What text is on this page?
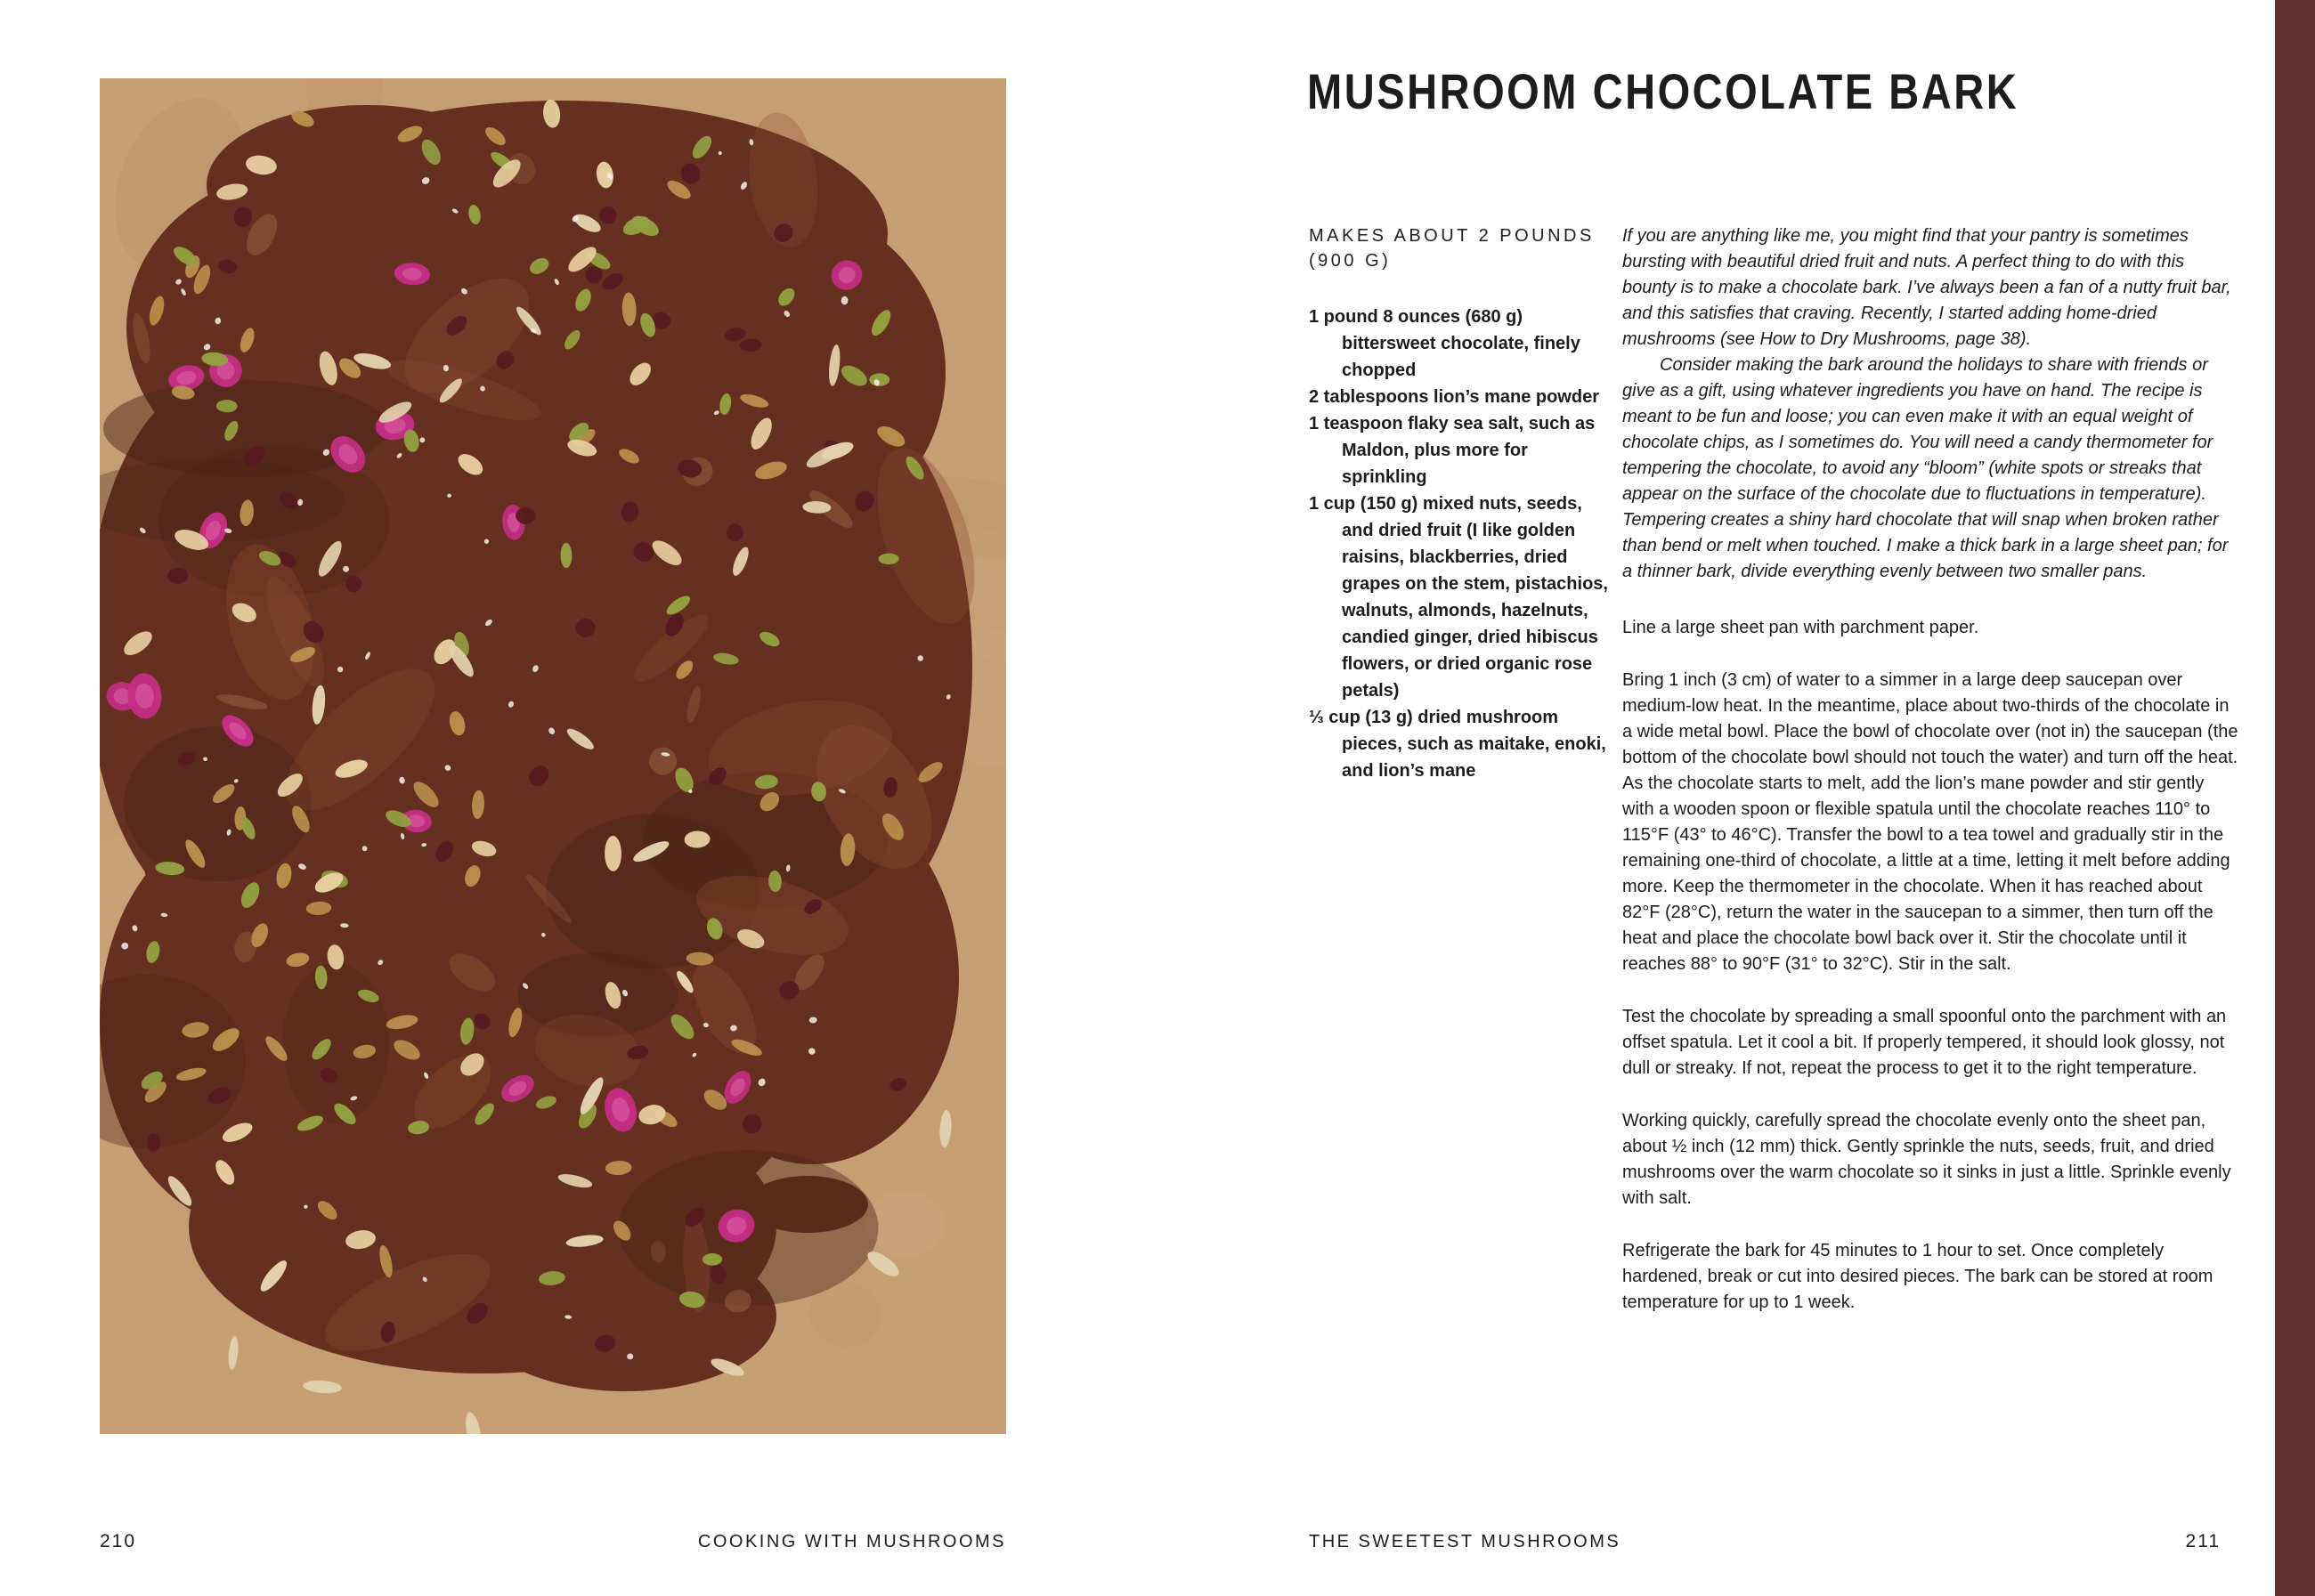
210	COOKING WITH MUSHROOMS
MUSHROOM CHOCOLATE BARK

MAKES ABOUT 2 POUNDS
(900 G)

1 pound 8 ounces (680 g) bittersweet chocolate, finely chopped

2 tablespoons lion’s mane powder

1 teaspoon flaky sea salt, such as Maldon, plus more for sprinkling

1 cup (150 g) mixed nuts, seeds, and dried fruit (I like golden raisins, blackberries, dried grapes on the stem, pistachios, walnuts, almonds, hazelnuts, candied ginger, dried hibiscus flowers, or dried organic rose petals)

⅓ cup (13 g) dried mushroom pieces, such as maitake, enoki, and lion’s mane

If you are anything like me, you might find that your pantry is sometimes bursting with beautiful dried fruit and nuts. A perfect thing to do with this bounty is to make a chocolate bark. I’ve always been a fan of a nutty fruit bar, and this satisfies that craving. Recently, I started adding home-dried mushrooms (see How to Dry Mushrooms, page 38).

Consider making the bark around the holidays to share with friends or give as a gift, using whatever ingredients you have on hand. The recipe is meant to be fun and loose; you can even make it with an equal weight of chocolate chips, as I sometimes do. You will need a candy thermometer for tempering the chocolate, to avoid any “bloom” (white spots or streaks that appear on the surface of the chocolate due to fluctuations in temperature). Tempering creates a shiny hard chocolate that will snap when broken rather than bend or melt when touched. I make a thick bark in a large sheet pan; for a thinner bark, divide everything evenly between two smaller pans.

Line a large sheet pan with parchment paper.

Bring 1 inch (3 cm) of water to a simmer in a large deep saucepan over medium-low heat. In the meantime, place about two-thirds of the chocolate in a wide metal bowl. Place the bowl of chocolate over (not in) the saucepan (the bottom of the chocolate bowl should not touch the water) and turn off the heat. As the chocolate starts to melt, add the lion’s mane powder and stir gently with a wooden spoon or flexible spatula until the chocolate reaches 110° to 115°F (43° to 46°C). Transfer the bowl to a tea towel and gradually stir in the remaining one-third of chocolate, a little at a time, letting it melt before adding more. Keep the thermometer in the chocolate. When it has reached about 82°F (28°C), return the water in the saucepan to a simmer, then turn off the heat and place the chocolate bowl back over it. Stir the chocolate until it reaches 88° to 90°F (31° to 32°C). Stir in the salt.

Test the chocolate by spreading a small spoonful onto the parchment with an offset spatula. Let it cool a bit. If properly tempered, it should look glossy, not dull or streaky. If not, repeat the process to get it to the right temperature.

Working quickly, carefully spread the chocolate evenly onto the sheet pan, about ½ inch (12 mm) thick. Gently sprinkle the nuts, seeds, fruit, and dried mushrooms over the warm chocolate so it sinks in just a little. Sprinkle evenly with salt.

Refrigerate the bark for 45 minutes to 1 hour to set. Once completely hardened, break or cut into desired pieces. The bark can be stored at room temperature for up to 1 week.

THE SWEETEST MUSHROOMS	211
